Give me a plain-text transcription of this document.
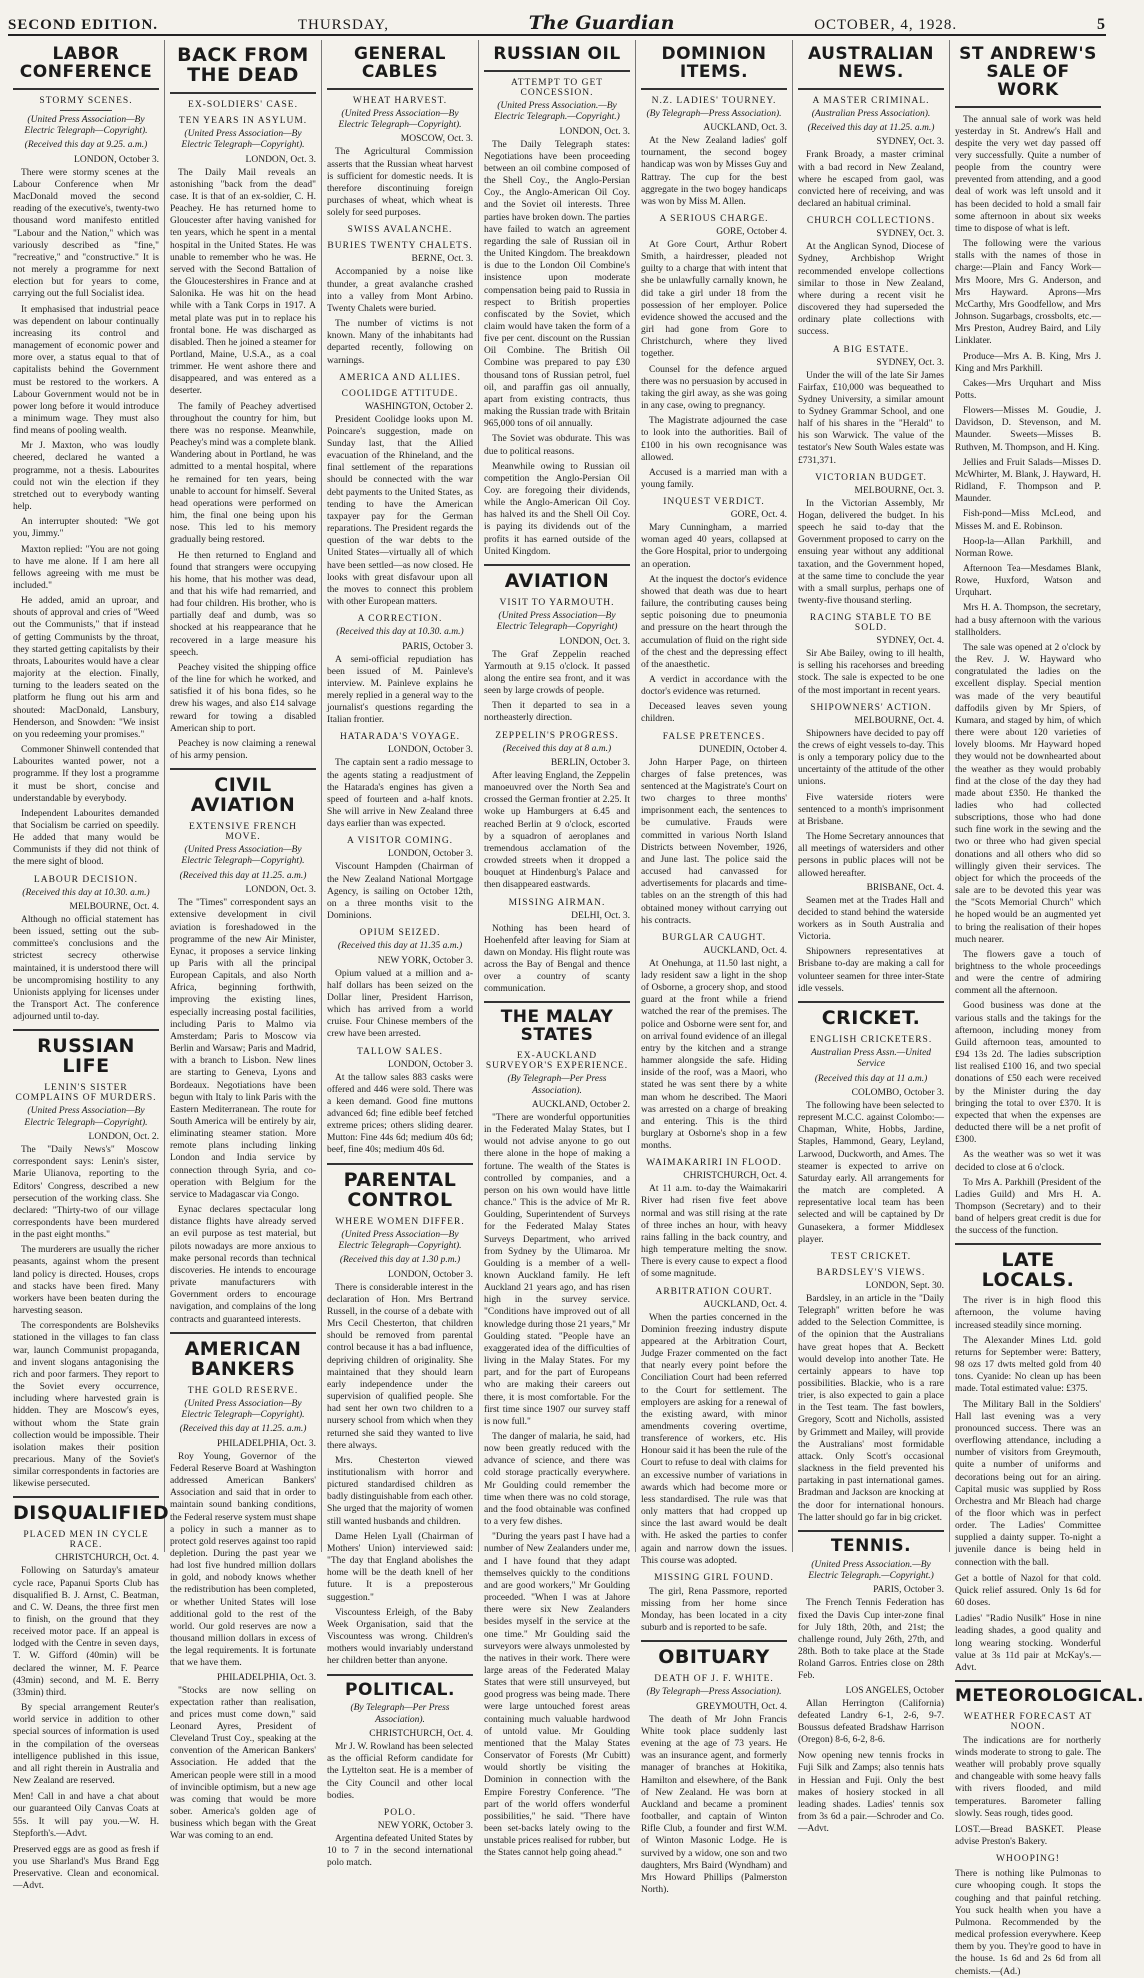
SECOND EDITION.	THURSDAY,	The Guardian	OCTOBER, 4, 1928.	5
LABOR CONFERENCE
STORMY SCENES.
(United Press Association—By Electric Telegraph—Copyright).
(Received this day at 9.25. a.m.)
LONDON, October 3.

There were stormy scenes at the Labour Conference when Mr MacDonald moved the second reading of the executive's, twenty-two thousand word manifesto entitled "Labour and the Nation," which was variously described as "fine," "recreative," and "constructive." It is not merely a programme for next election but for years to come, carrying out the full Socialist idea.

It emphasised that industrial peace was dependent on labour continually increasing its control and management of economic power and more over, a status equal to that of capitalists behind the Government must be restored to the workers. A Labour Government would not be in power long before it would introduce a minimum wage. They must also find means of pooling wealth.

Mr J. Maxton, who was loudly cheered, declared he wanted a programme, not a thesis. Labourites could not win the election if they stretched out to everybody wanting help.

An interrupter shouted: "We got you, Jimmy."

Maxton replied: "You are not going to have me alone. If I am here all fellows agreeing with me must be included."

He added, amid an uproar, and shouts of approval and cries of "Weed out the Communists," that if instead of getting Communists by the throat, they started getting capitalists by their throats, Labourites would have a clear majority at the election. Finally, turning to the leaders seated on the platform he flung out his arm and shouted: MacDonald, Lansbury, Henderson, and Snowden: "We insist on you redeeming your promises."

Commoner Shinwell contended that Labourites wanted power, not a programme. If they lost a programme it must be short, concise and understandable by everybody.

Independent Labourites demanded that Socialism be carried on speedily. He added that many would be Communists if they did not think of the mere sight of blood.

LABOUR DECISION.
(Received this day at 10.30. a.m.)
MELBOURNE, Oct. 4.

Although no official statement has been issued, setting out the sub-committee's conclusions and the strictest secrecy otherwise maintained, it is understood there will be uncompromising hostility to any Unionists applying for licenses under the Transport Act. The conference adjourned until to-day.

RUSSIAN LIFE
LENIN'S SISTER COMPLAINS OF MURDERS.
(United Press Association—By Electric Telegraph—Copyright).
LONDON, Oct. 2.

The "Daily News's" Moscow correspondent says: Lenin's sister, Marie Ulianova, reporting to the Editors' Congress, described a new persecution of the working class. She declared: "Thirty-two of our village correspondents have been murdered in the past eight months."

The murderers are usually the richer peasants, against whom the present land policy is directed. Houses, crops and stacks have been fired. Many workers have been beaten during the harvesting season.

The correspondents are Bolsheviks stationed in the villages to fan class war, launch Communist propaganda, and invent slogans antagonising the rich and poor farmers. They report to the Soviet every occurrence, including where harvested grain is hidden. They are Moscow's eyes, without whom the State grain collection would be impossible. Their isolation makes their position precarious. Many of the Soviet's similar correspondents in factories are likewise persecuted.

DISQUALIFIED
PLACED MEN IN CYCLE RACE.
CHRISTCHURCH, Oct. 4.

Following on Saturday's amateur cycle race, Papanui Sports Club has disqualified B. J. Arnst, C. Beatman, and C. W. Deans, the three first men to finish, on the ground that they received motor pace. If an appeal is lodged with the Centre in seven days, T. W. Gifford (40min) will be declared the winner, M. F. Pearce (43min) second, and M. E. Berry (33min) third.

By special arrangement Reuter's world service in addition to other special sources of information is used in the compilation of the overseas intelligence published in this issue, and all right therein in Australia and New Zealand are reserved.

Men! Call in and have a chat about our guaranteed Oily Canvas Coats at 55s. It will pay you.—W. H. Stepforth's.—Advt.

Preserved eggs are as good as fresh if you use Sharland's Mus Brand Egg Preservative. Clean and economical.—Advt.

BACK FROM THE DEAD
EX-SOLDIERS' CASE.
TEN YEARS IN ASYLUM.
(United Press Association—By Electric Telegraph—Copyright).
LONDON, Oct. 3.

The Daily Mail reveals an astonishing "back from the dead" case. It is that of an ex-soldier, C. H. Peachey. He has returned home to Gloucester after having vanished for ten years, which he spent in a mental hospital in the United States. He was unable to remember who he was. He served with the Second Battalion of the Gloucestershires in France and at Salonika. He was hit on the head while with a Tank Corps in 1917. A metal plate was put in to replace his frontal bone. He was discharged as disabled. Then he joined a steamer for Portland, Maine, U.S.A., as a coal trimmer. He went ashore there and disappeared, and was entered as a deserter.

The family of Peachey advertised throughout the country for him, but there was no response. Meanwhile, Peachey's mind was a complete blank. Wandering about in Portland, he was admitted to a mental hospital, where he remained for ten years, being unable to account for himself. Several head operations were performed on him, the final one being upon his nose. This led to his memory gradually being restored.

He then returned to England and found that strangers were occupying his home, that his mother was dead, and that his wife had remarried, and had four children. His brother, who is partially deaf and dumb, was so shocked at his reappearance that he recovered in a large measure his speech.

Peachey visited the shipping office of the line for which he worked, and satisfied it of his bona fides, so he drew his wages, and also £14 salvage reward for towing a disabled American ship to port.

Peachey is now claiming a renewal of his army pension.

CIVIL AVIATION
EXTENSIVE FRENCH MOVE.
(United Press Association—By Electric Telegraph—Copyright).
(Received this day at 11.25. a.m.)
LONDON, Oct. 3.

The "Times" correspondent says an extensive development in civil aviation is foreshadowed in the programme of the new Air Minister, Eynac, it proposes a service linking up Paris with all the principal European Capitals, and also North Africa, beginning forthwith, improving the existing lines, especially increasing postal facilities, including Paris to Malmo via Amsterdam; Paris to Moscow via Berlin and Warsaw; Paris and Madrid, with a branch to Lisbon. New lines are starting to Geneva, Lyons and Bordeaux. Negotiations have been begun with Italy to link Paris with the Eastern Mediterranean. The route for South America will be entirely by air, eliminating steamer station. More remote plans including linking London and India service by connection through Syria, and co-operation with Belgium for the service to Madagascar via Congo.

Eynac declares spectacular long distance flights have already served an evil purpose as test material, but pilots nowadays are more anxious to make personal records than technical discoveries. He intends to encourage private manufacturers with Government orders to encourage navigation, and complains of the long contracts and guaranteed interests.

AMERICAN BANKERS
THE GOLD RESERVE.
(United Press Association—By Electric Telegraph—Copyright).
(Received this day at 11.25. a.m.)
PHILADELPHIA, Oct. 3.

Roy Young, Governor of the Federal Reserve Board at Washington addressed American Bankers' Association and said that in order to maintain sound banking conditions, the Federal reserve system must shape a policy in such a manner as to protect gold reserves against too rapid depletion. During the past year we had lost five hundred million dollars in gold, and nobody knows whether the redistribution has been completed, or whether United States will lose additional gold to the rest of the world. Our gold reserves are now a thousand million dollars in excess of the legal requirements. It is fortunate that we have them.

PHILADELPHIA, Oct. 3.

"Stocks are now selling on expectation rather than realisation, and prices must come down," said Leonard Ayres, President of Cleveland Trust Coy., speaking at the convention of the American Bankers' Association. He added that the American people were still in a mood of invincible optimism, but a new age was coming that would be more sober. America's golden age of business which began with the Great War was coming to an end.

GENERAL CABLES
WHEAT HARVEST.
(United Press Association—By Electric Telegraph—Copyright).
MOSCOW, Oct. 3.

The Agricultural Commission asserts that the Russian wheat harvest is sufficient for domestic needs. It is therefore discontinuing foreign purchases of wheat, which wheat is solely for seed purposes.

SWISS AVALANCHE.
BURIES TWENTY CHALETS.
BERNE, Oct. 3.

Accompanied by a noise like thunder, a great avalanche crashed into a valley from Mont Arbino. Twenty Chalets were buried.

The number of victims is not known. Many of the inhabitants had departed recently, following on warnings.

AMERICA AND ALLIES.
COOLIDGE ATTITUDE.
WASHINGTON, October 2.

President Coolidge looks upon M. Poincare's suggestion, made on Sunday last, that the Allied evacuation of the Rhineland, and the final settlement of the reparations should be connected with the war debt payments to the United States, as tending to have the American taxpayer pay for the German reparations. The President regards the question of the war debts to the United States—virtually all of which have been settled—as now closed. He looks with great disfavour upon all the moves to connect this problem with other European matters.

A CORRECTION.
(Received this day at 10.30. a.m.)
PARIS, October 3.

A semi-official repudiation has been issued of M. Painleve's interview. M. Painleve explains he merely replied in a general way to the journalist's questions regarding the Italian frontier.

HATARADA'S VOYAGE.
LONDON, October 3.

The captain sent a radio message to the agents stating a readjustment of the Hatarada's engines has given a speed of fourteen and a-half knots. She will arrive in New Zealand three days earlier than was expected.

A VISITOR COMING.
LONDON, October 3.

Viscount Hampden (Chairman of the New Zealand National Mortgage Agency, is sailing on October 12th, on a three months visit to the Dominions.

OPIUM SEIZED.
(Received this day at 11.35 a.m.)
NEW YORK, October 3.

Opium valued at a million and a-half dollars has been seized on the Dollar liner, President Harrison, which has arrived from a world cruise. Four Chinese members of the crew have been arrested.

TALLOW SALES.
LONDON, October 3.

At the tallow sales 883 casks were offered and 446 were sold. There was a keen demand. Good fine muttons advanced 6d; fine edible beef fetched extreme prices; others sliding dearer. Mutton: Fine 44s 6d; medium 40s 6d; beef, fine 40s; medium 40s 6d.

PARENTAL CONTROL
WHERE WOMEN DIFFER.
(United Press Association—By Electric Telegraph—Copyright).
(Received this day at 1.30 p.m.)
LONDON, October 3.

There is considerable interest in the declaration of Hon. Mrs Bertrand Russell, in the course of a debate with Mrs Cecil Chesterton, that children should be removed from parental control because it has a bad influence, depriving children of originality. She maintained that they should learn early independence under the supervision of qualified people. She had sent her own two children to a nursery school from which when they returned she said they wanted to live there always.

Mrs. Chesterton viewed institutionalism with horror and pictured standardised children as badly distinguishable from each other. She urged that the majority of women still wanted husbands and children.

Dame Helen Lyall (Chairman of Mothers' Union) interviewed said: "The day that England abolishes the home will be the death knell of her future. It is a preposterous suggestion."

Viscountess Erleigh, of the Baby Week Organisation, said that the Viscountess was wrong. Children's mothers would invariably understand her children better than anyone.

POLITICAL.
(By Telegraph—Per Press Association).
CHRISTCHURCH, Oct. 4.

Mr J. W. Rowland has been selected as the official Reform candidate for the Lyttelton seat. He is a member of the City Council and other local bodies.

POLO.
NEW YORK, October 3.

Argentina defeated United States by 10 to 7 in the second international polo match.

RUSSIAN OIL
ATTEMPT TO GET CONCESSION.
(United Press Association.—By Electric Telegraph.—Copyright.)
LONDON, Oct. 3.

The Daily Telegraph states: Negotiations have been proceeding between an oil combine composed of the Shell Coy., the Anglo-Persian Coy., the Anglo-American Oil Coy. and the Soviet oil interests. Three parties have broken down. The parties have failed to watch an agreement regarding the sale of Russian oil in the United Kingdom. The breakdown is due to the London Oil Combine's insistence upon moderate compensation being paid to Russia in respect to British properties confiscated by the Soviet, which claim would have taken the form of a five per cent. discount on the Russian Oil Combine. The British Oil Combine was prepared to pay £30 thousand tons of Russian petrol, fuel oil, and paraffin gas oil annually, apart from existing contracts, thus making the Russian trade with Britain 965,000 tons of oil annually.

The Soviet was obdurate. This was due to political reasons.

Meanwhile owing to Russian oil competition the Anglo-Persian Oil Coy. are foregoing their dividends, while the Anglo-American Oil Coy. has halved its and the Shell Oil Coy. is paying its dividends out of the profits it has earned outside of the United Kingdom.

AVIATION
VISIT TO YARMOUTH.
(United Press Association—By Electric Telegraph—Copyright)
LONDON, Oct. 3.

The Graf Zeppelin reached Yarmouth at 9.15 o'clock. It passed along the entire sea front, and it was seen by large crowds of people.

Then it departed to sea in a northeasterly direction.

ZEPPELIN'S PROGRESS.
(Received this day at 8 a.m.)
BERLIN, October 3.

After leaving England, the Zeppelin manoeuvred over the North Sea and crossed the German frontier at 2.25. It woke up Hamburgers at 6.45 and reached Berlin at 9 o'clock, escorted by a squadron of aeroplanes and tremendous acclamation of the crowded streets when it dropped a bouquet at Hindenburg's Palace and then disappeared eastwards.

MISSING AIRMAN.
DELHI, Oct. 3.

Nothing has been heard of Hoehenfeld after leaving for Siam at dawn on Monday. His flight route was across the Bay of Bengal and thence over a country of scanty communication.

THE MALAY STATES
EX-AUCKLAND SURVEYOR'S EXPERIENCE.
(By Telegraph—Per Press Association).
AUCKLAND, October 2.

"There are wonderful opportunities in the Federated Malay States, but I would not advise anyone to go out there alone in the hope of making a fortune. The wealth of the States is controlled by companies, and a person on his own would have little chance." This is the advice of Mr R. Goulding, Superintendent of Surveys for the Federated Malay States Surveys Department, who arrived from Sydney by the Ulimaroa. Mr Goulding is a member of a well-known Auckland family. He left Auckland 21 years ago, and has risen high in the survey service. "Conditions have improved out of all knowledge during those 21 years," Mr Goulding stated. "People have an exaggerated idea of the difficulties of living in the Malay States. For my part, and for the part of Europeans who are making their careers out there, it is most comfortable. For the first time since 1907 our survey staff is now full."

The danger of malaria, he said, had now been greatly reduced with the advance of science, and there was cold storage practically everywhere. Mr Goulding could remember the time when there was no cold storage, and the food obtainable was confined to a very few dishes.

"During the years past I have had a number of New Zealanders under me, and I have found that they adapt themselves quickly to the conditions and are good workers," Mr Goulding proceeded. "When I was at Jahore there were six New Zealanders besides myself in the service at the one time." Mr Goulding said the surveyors were always unmolested by the natives in their work. There were large areas of the Federated Malay States that were still unsurveyed, but good progress was being made. There were large untouched forest areas containing much valuable hardwood of untold value. Mr Goulding mentioned that the Malay States Conservator of Forests (Mr Cubitt) would shortly be visiting the Dominion in connection with the Empire Forestry Conference. "The part of the world offers wonderful possibilities," he said. "There have been set-backs lately owing to the unstable prices realised for rubber, but the States cannot help going ahead."

DOMINION ITEMS.
N.Z. LADIES' TOURNEY.
(By Telegraph—Press Association).
AUCKLAND, Oct. 3.

At the New Zealand ladies' golf tournament, the second bogey handicap was won by Misses Guy and Rattray. The cup for the best aggregate in the two bogey handicaps was won by Miss M. Allen.

A SERIOUS CHARGE.
GORE, October 4.

At Gore Court, Arthur Robert Smith, a hairdresser, pleaded not guilty to a charge that with intent that she be unlawfully carnally known, he did take a girl under 18 from the possession of her employer. Police evidence showed the accused and the girl had gone from Gore to Christchurch, where they lived together.

Counsel for the defence argued there was no persuasion by accused in taking the girl away, as she was going in any case, owing to pregnancy.

The Magistrate adjourned the case to look into the authorities. Bail of £100 in his own recognisance was allowed.

Accused is a married man with a young family.

INQUEST VERDICT.
GORE, Oct. 4.

Mary Cunningham, a married woman aged 40 years, collapsed at the Gore Hospital, prior to undergoing an operation.

At the inquest the doctor's evidence showed that death was due to heart failure, the contributing causes being septic poisoning due to pneumonia and pressure on the heart through the accumulation of fluid on the right side of the chest and the depressing effect of the anaesthetic.

A verdict in accordance with the doctor's evidence was returned.

Deceased leaves seven young children.

FALSE PRETENCES.
DUNEDIN, October 4.

John Harper Page, on thirteen charges of false pretences, was sentenced at the Magistrate's Court on two charges to three months' imprisonment each, the sentences to be cumulative. Frauds were committed in various North Island Districts between November, 1926, and June last. The police said the accused had canvassed for advertisements for placards and time-tables on an the strength of this had obtained money without carrying out his contracts.

BURGLAR CAUGHT.
AUCKLAND, Oct. 4.

At Onehunga, at 11.50 last night, a lady resident saw a light in the shop of Osborne, a grocery shop, and stood guard at the front while a friend watched the rear of the premises. The police and Osborne were sent for, and on arrival found evidence of an illegal entry by the kitchen and a strange hammer alongside the safe. Hiding inside of the roof, was a Maori, who stated he was sent there by a white man whom he described. The Maori was arrested on a charge of breaking and entering. This is the third burglary at Osborne's shop in a few months.

WAIMAKARIRI IN FLOOD.
CHRISTCHURCH, Oct. 4.

At 11 a.m. to-day the Waimakariri River had risen five feet above normal and was still rising at the rate of three inches an hour, with heavy rains falling in the back country, and high temperature melting the snow. There is every cause to expect a flood of some magnitude.

ARBITRATION COURT.
AUCKLAND, Oct. 4.

When the parties concerned in the Dominion freezing industry dispute appeared at the Arbitration Court, Judge Frazer commented on the fact that nearly every point before the Conciliation Court had been referred to the Court for settlement. The employers are asking for a renewal of the existing award, with minor amendments covering overtime, transference of workers, etc. His Honour said it has been the rule of the Court to refuse to deal with claims for an excessive number of variations in awards which had become more or less standardised. The rule was that only matters that had cropped up since the last award would be dealt with. He asked the parties to confer again and narrow down the issues. This course was adopted.

MISSING GIRL FOUND.

The girl, Rena Passmore, reported missing from her home since Monday, has been located in a city suburb and is reported to be safe.

OBITUARY
DEATH OF J. F. WHITE.
(By Telegraph—Press Association).
GREYMOUTH, Oct. 4.

The death of Mr John Francis White took place suddenly last evening at the age of 73 years. He was an insurance agent, and formerly manager of branches at Hokitika, Hamilton and elsewhere, of the Bank of New Zealand. He was born at Auckland and became a prominent footballer, and captain of Winton Rifle Club, a founder and first W.M. of Winton Masonic Lodge. He is survived by a widow, one son and two daughters, Mrs Baird (Wyndham) and Mrs Howard Phillips (Palmerston North).

AUSTRALIAN NEWS.
A MASTER CRIMINAL.
(Australian Press Association).
(Received this day at 11.25. a.m.)
SYDNEY, Oct. 3.

Frank Broady, a master criminal with a bad record in New Zealand, where he escaped from gaol, was convicted here of receiving, and was declared an habitual criminal.

CHURCH COLLECTIONS.
SYDNEY, Oct. 3.

At the Anglican Synod, Diocese of Sydney, Archbishop Wright recommended envelope collections similar to those in New Zealand, where during a recent visit he discovered they had superseded the ordinary plate collections with success.

A BIG ESTATE.
SYDNEY, Oct. 3.

Under the will of the late Sir James Fairfax, £10,000 was bequeathed to Sydney University, a similar amount to Sydney Grammar School, and one half of his shares in the "Herald" to his son Warwick. The value of the testator's New South Wales estate was £731,371.

VICTORIAN BUDGET.
MELBOURNE, Oct. 3.

In the Victorian Assembly, Mr Hogan, delivered the budget. In his speech he said to-day that the Government proposed to carry on the ensuing year without any additional taxation, and the Government hoped, at the same time to conclude the year with a small surplus, perhaps one of twenty-five thousand sterling.

RACING STABLE TO BE SOLD.
SYDNEY, Oct. 4.

Sir Abe Bailey, owing to ill health, is selling his racehorses and breeding stock. The sale is expected to be one of the most important in recent years.

SHIPOWNERS' ACTION.
MELBOURNE, Oct. 4.

Shipowners have decided to pay off the crews of eight vessels to-day. This is only a temporary policy due to the uncertainty of the attitude of the other unions.

Five waterside rioters were sentenced to a month's imprisonment at Brisbane.

The Home Secretary announces that all meetings of watersiders and other persons in public places will not be allowed hereafter.

BRISBANE, Oct. 4.

Seamen met at the Trades Hall and decided to stand behind the waterside workers as in South Australia and Victoria.

Shipowners representatives at Brisbane to-day are making a call for volunteer seamen for three inter-State idle vessels.

CRICKET.
ENGLISH CRICKETERS.
Australian Press Assn.—United Service
(Received this day at 11 a.m.)
COLOMBO, October 3.

The following have been selected to represent M.C.C. against Colombo:—Chapman, White, Hobbs, Jardine, Staples, Hammond, Geary, Leyland, Larwood, Duckworth, and Ames. The steamer is expected to arrive on Saturday early. All arrangements for the match are completed. A representative local team has been selected and will be captained by Dr Gunasekera, a former Middlesex player.

TEST CRICKET.
BARDSLEY'S VIEWS.
LONDON, Sept. 30.

Bardsley, in an article in the "Daily Telegraph" written before he was added to the Selection Committee, is of the opinion that the Australians have great hopes that A. Beckett would develop into another Tate. He certainly appears to have top possibilities. Blackie, who is a rare trier, is also expected to gain a place in the Test team. The fast bowlers, Gregory, Scott and Nicholls, assisted by Grimmett and Mailey, will provide the Australians' most formidable attack. Only Scott's occasional slackness in the field prevented his partaking in past international games. Bradman and Jackson are knocking at the door for international honours. The latter should go far in big cricket.

TENNIS.
(United Press Association.—By Electric Telegraph.—Copyright.)
PARIS, October 3.

The French Tennis Federation has fixed the Davis Cup inter-zone final for July 18th, 20th, and 21st; the challenge round, July 26th, 27th, and 28th. Both to take place at the Stade Roland Garros. Entries close on 28th Feb.

LOS ANGELES, October

Allan Herrington (California) defeated Landry 6-1, 2-6, 9-7. Boussus defeated Bradshaw Harrison (Oregon) 8-6, 6-2, 8-6.

Now opening new tennis frocks in Fuji Silk and Zamps; also tennis hats in Hessian and Fuji. Only the best makes of hosiery stocked in all leading shades. Ladies' tennis sox from 3s 6d a pair.—Schroder and Co.—Advt.

ST ANDREW'S SALE OF WORK

The annual sale of work was held yesterday in St. Andrew's Hall and despite the very wet day passed off very successfully. Quite a number of people from the country were prevented from attending, and a good deal of work was left unsold and it has been decided to hold a small fair some afternoon in about six weeks time to dispose of what is left.

The following were the various stalls with the names of those in charge:—Plain and Fancy Work—Mrs Moore, Mrs G. Anderson, and Mrs Hayward. Aprons—Mrs McCarthy, Mrs Goodfellow, and Mrs Johnson. Sugarbags, crossbolts, etc.—Mrs Preston, Audrey Baird, and Lily Linklater.

Produce—Mrs A. B. King, Mrs J. King and Mrs Parkhill.

Cakes—Mrs Urquhart and Miss Potts.

Flowers—Misses M. Goudie, J. Davidson, D. Stevenson, and M. Maunder. Sweets—Misses B. Ruthven, M. Thompson, and H. King.

Jellies and Fruit Salads—Misses D. McWhirter, M. Blank, J. Hayward, H. Ridland, F. Thompson and P. Maunder.

Fish-pond—Miss McLeod, and Misses M. and E. Robinson.

Hoop-la—Allan Parkhill, and Norman Rowe.

Afternoon Tea—Mesdames Blank, Rowe, Huxford, Watson and Urquhart.

Mrs H. A. Thompson, the secretary, had a busy afternoon with the various stallholders.

The sale was opened at 2 o'clock by the Rev. J. W. Hayward who congratulated the ladies on the excellent display. Special mention was made of the very beautiful daffodils given by Mr Spiers, of Kumara, and staged by him, of which there were about 120 varieties of lovely blooms. Mr Hayward hoped they would not be downhearted about the weather as they would probably find at the close of the day they had made about £350. He thanked the ladies who had collected subscriptions, those who had done such fine work in the sewing and the two or three who had given special donations and all others who did so willingly given their services. The object for which the proceeds of the sale are to be devoted this year was the "Scots Memorial Church" which he hoped would be an augmented yet to bring the realisation of their hopes much nearer.

The flowers gave a touch of brightness to the whole proceedings and were the centre of admiring comment all the afternoon.

Good business was done at the various stalls and the takings for the afternoon, including money from Guild afternoon teas, amounted to £94 13s 2d. The ladies subscription list realised £100 16, and two special donations of £50 each were received by the Minister during the day bringing the total to over £370. It is expected that when the expenses are deducted there will be a net profit of £300.

As the weather was so wet it was decided to close at 6 o'clock.

To Mrs A. Parkhill (President of the Ladies Guild) and Mrs H. A. Thompson (Secretary) and to their band of helpers great credit is due for the success of the function.

LATE LOCALS.

The river is in high flood this afternoon, the volume having increased steadily since morning.

The Alexander Mines Ltd. gold returns for September were: Battery, 98 ozs 17 dwts melted gold from 40 tons. Cyanide: No clean up has been made. Total estimated value: £375.

The Military Ball in the Soldiers' Hall last evening was a very pronounced success. There was an overflowing attendance, including a number of visitors from Greymouth, quite a number of uniforms and decorations being out for an airing. Capital music was supplied by Ross Orchestra and Mr Bleach had charge of the floor which was in perfect order. The Ladies' Committee supplied a dainty supper. To-night a juvenile dance is being held in connection with the ball.

Get a bottle of Nazol for that cold. Quick relief assured. Only 1s 6d for 60 doses.

Ladies' "Radio Nusilk" Hose in nine leading shades, a good quality and long wearing stocking. Wonderful value at 3s 11d pair at McKay's.—Advt.

METEOROLOGICAL.
WEATHER FORECAST AT NOON.

The indications are for northerly winds moderate to strong to gale. The weather will probably prove squally and changeable with some heavy falls with rivers flooded, and mild temperatures. Barometer falling slowly. Seas rough, tides good.

LOST.—Bread BASKET. Please advise Preston's Bakery.

WHOOPING!

There is nothing like Pulmonas to cure whooping cough. It stops the coughing and that painful retching. You suck health when you have a Pulmona. Recommended by the medical profession everywhere. Keep them by you. They're good to have in the house. 1s 6d and 2s 6d from all chemists.—(Ad.)
